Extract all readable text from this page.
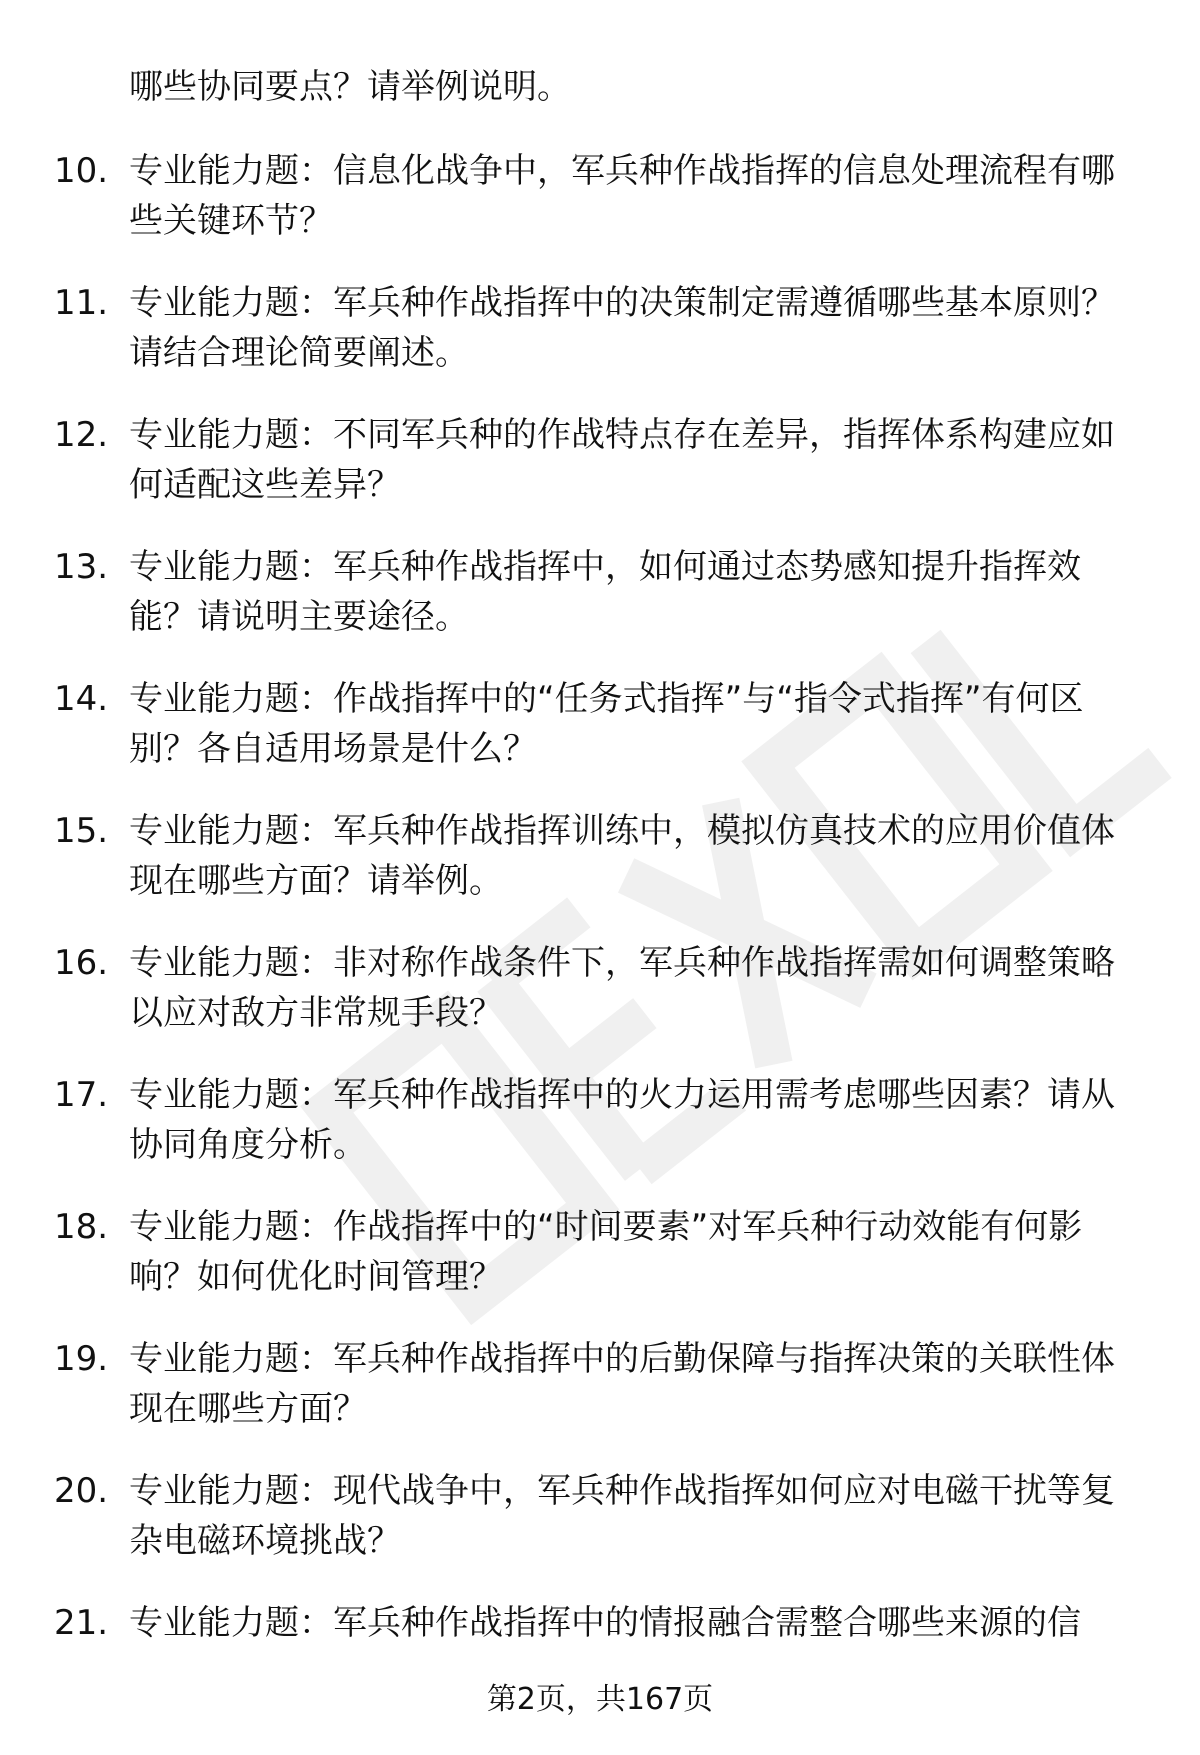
哪些协同要点？请举例说明。

10. 专业能力题：信息化战争中，军兵种作战指挥的信息处理流程有哪些关键环节？

11. 专业能力题：军兵种作战指挥中的决策制定需遵循哪些基本原则？请结合理论简要阐述。

12. 专业能力题：不同军兵种的作战特点存在差异，指挥体系构建应如何适配这些差异？

13. 专业能力题：军兵种作战指挥中，如何通过态势感知提升指挥效能？请说明主要途径。

14. 专业能力题：作战指挥中的“任务式指挥”与“指令式指挥”有何区别？各自适用场景是什么？

15. 专业能力题：军兵种作战指挥训练中，模拟仿真技术的应用价值体现在哪些方面？请举例。

16. 专业能力题：非对称作战条件下，军兵种作战指挥需如何调整策略以应对敌方非常规手段？

17. 专业能力题：军兵种作战指挥中的火力运用需考虑哪些因素？请从协同角度分析。

18. 专业能力题：作战指挥中的“时间要素”对军兵种行动效能有何影响？如何优化时间管理？

19. 专业能力题：军兵种作战指挥中的后勤保障与指挥决策的关联性体现在哪些方面？

20. 专业能力题：现代战争中，军兵种作战指挥如何应对电磁干扰等复杂电磁环境挑战？

21. 专业能力题：军兵种作战指挥中的情报融合需整合哪些来源的信

第2页，共167页
